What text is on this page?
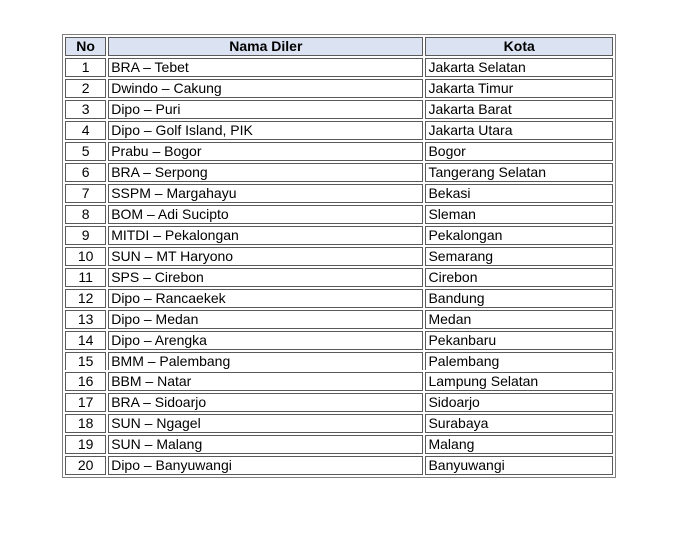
No	Nama Diler	Kota
1	BRA – Tebet	Jakarta Selatan
2	Dwindo – Cakung	Jakarta Timur
3	Dipo – Puri	Jakarta Barat
4	Dipo – Golf Island, PIK	Jakarta Utara
5	Prabu – Bogor	Bogor
6	BRA – Serpong	Tangerang Selatan
7	SSPM – Margahayu	Bekasi
8	BOM – Adi Sucipto	Sleman
9	MITDI – Pekalongan	Pekalongan
10	SUN – MT Haryono	Semarang
11	SPS – Cirebon	Cirebon
12	Dipo – Rancaekek	Bandung
13	Dipo – Medan	Medan
14	Dipo – Arengka	Pekanbaru
15	BMM – Palembang	Palembang
16	BBM – Natar	Lampung Selatan
17	BRA – Sidoarjo	Sidoarjo
18	SUN – Ngagel	Surabaya
19	SUN – Malang	Malang
20	Dipo – Banyuwangi	Banyuwangi
